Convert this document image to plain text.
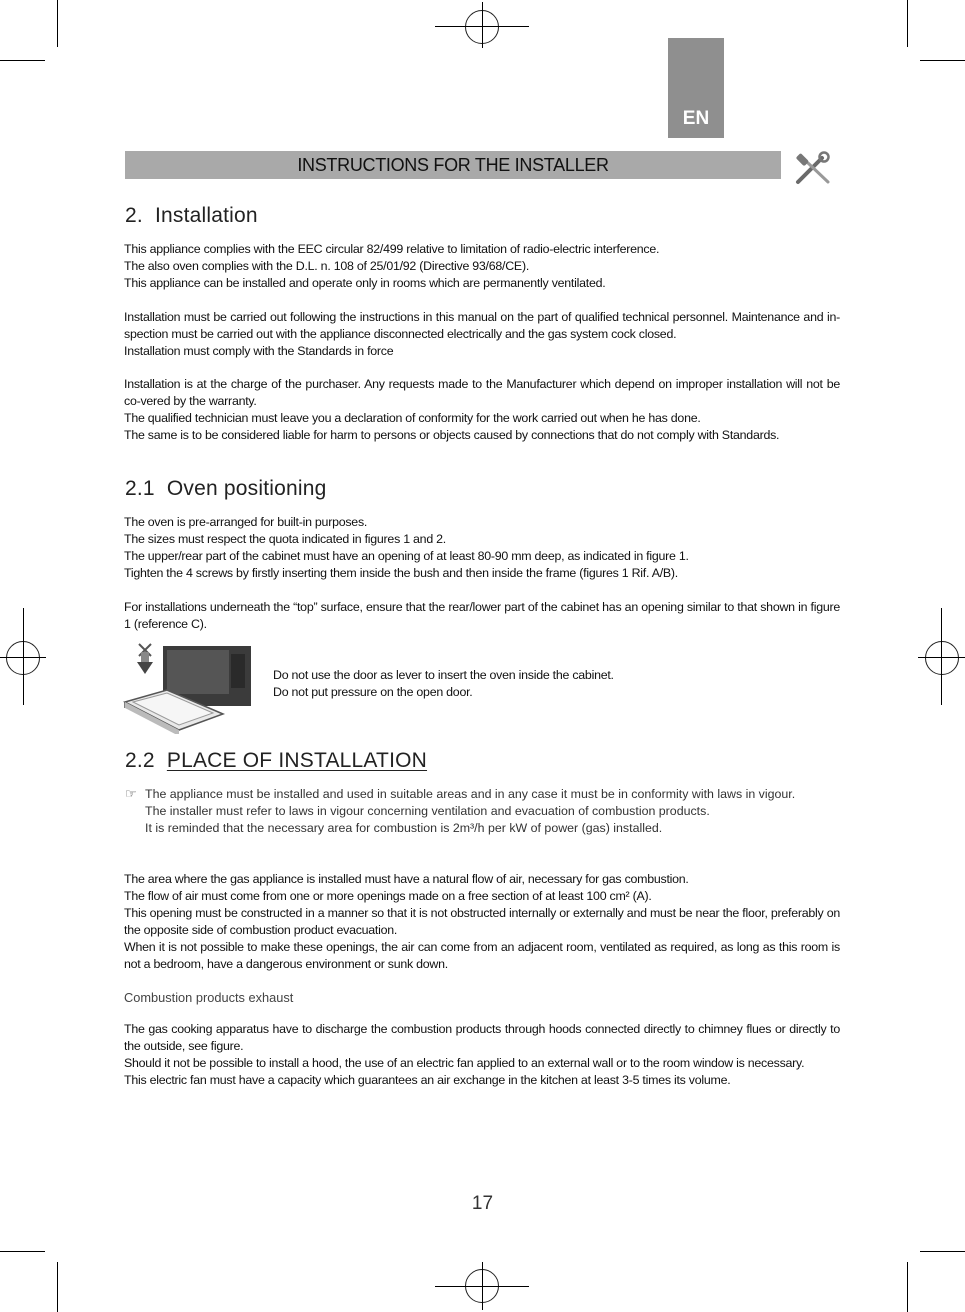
EN
INSTRUCTIONS FOR THE INSTALLER
2. Installation

This appliance complies with the EEC circular 82/499 relative to limitation of radio-electric interference.

The also oven complies with the D.L. n. 108 of 25/01/92 (Directive 93/68/CE).

This appliance can be installed and operate only in rooms which are permanently ventilated.

Installation must be carried out following the instructions in this manual on the part of qualified technical personnel. Maintenance and in-spection must be carried out with the appliance disconnected electrically and the gas system cock closed.

Installation must comply with the Standards in force

Installation is at the charge of the purchaser. Any requests made to the Manufacturer which depend on improper installation will not be co-vered by the warranty.

The qualified technician must leave you a declaration of conformity for the work carried out when he has done.

The same is to be considered liable for harm to persons or objects caused by connections that do not comply with Standards.

2.1 Oven positioning

The oven is pre-arranged for built-in purposes.

The sizes must respect the quota indicated in figures 1 and 2.

The upper/rear part of the cabinet must have an opening of at least 80-90 mm deep, as indicated in figure 1.

Tighten the 4 screws by firstly inserting them inside the bush and then inside the frame (figures 1 Rif. A/B).

For installations underneath the “top” surface, ensure that the rear/lower part of the cabinet has an opening similar to that shown in figure 1 (reference C).

Do not use the door as lever to insert the oven inside the cabinet.

Do not put pressure on the open door.

2.2 PLACE OF INSTALLATION
☞ The appliance must be installed and used in suitable areas and in any case it must be in conformity with laws in vigour.

The installer must refer to laws in vigour concerning ventilation and evacuation of combustion products.

It is reminded that the necessary area for combustion is 2m³/h per kW of power (gas) installed.

The area where the gas appliance is installed must have a natural flow of air, necessary for gas combustion.

The flow of air must come from one or more openings made on a free section of at least 100 cm² (A).

This opening must be constructed in a manner so that it is not obstructed internally or externally and must be near the floor, preferably on the opposite side of combustion product evacuation.

When it is not possible to make these openings, the air can come from an adjacent room, ventilated as required, as long as this room is not a bedroom, have a dangerous environment or sunk down.

Combustion products exhaust

The gas cooking apparatus have to discharge the combustion products through hoods connected directly to chimney flues or directly to the outside, see figure.

Should it not be possible to install a hood, the use of an electric fan applied to an external wall or to the room window is necessary.

This electric fan must have a capacity which guarantees an air exchange in the kitchen at least 3-5 times its volume.

17
